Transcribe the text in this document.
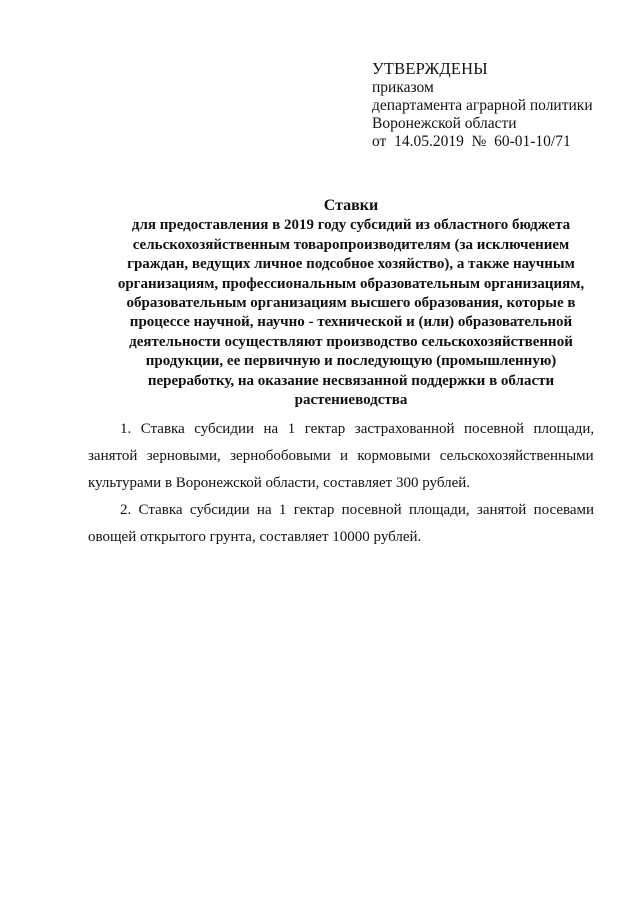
УТВЕРЖДЕНЫ
приказом
департамента аграрной политики
Воронежской области
от  14.05.2019  №  60-01-10/71
Ставки
для предоставления в 2019 году субсидий из областного бюджета
сельскохозяйственным товаропроизводителям (за исключением
граждан, ведущих личное подсобное хозяйство), а также научным
организациям, профессиональным образовательным организациям,
образовательным организациям высшего образования, которые в
процессе научной, научно - технической и (или) образовательной
деятельности осуществляют производство сельскохозяйственной
продукции, ее первичную и последующую (промышленную)
переработку, на оказание несвязанной поддержки в области
растениеводства
1. Ставка субсидии на 1 гектар застрахованной посевной площади,
занятой зерновыми, зернобобовыми и кормовыми сельскохозяйственными
культурами в Воронежской области, составляет 300 рублей.
2. Ставка субсидии на 1 гектар посевной площади, занятой посевами
овощей открытого грунта, составляет 10000 рублей.
